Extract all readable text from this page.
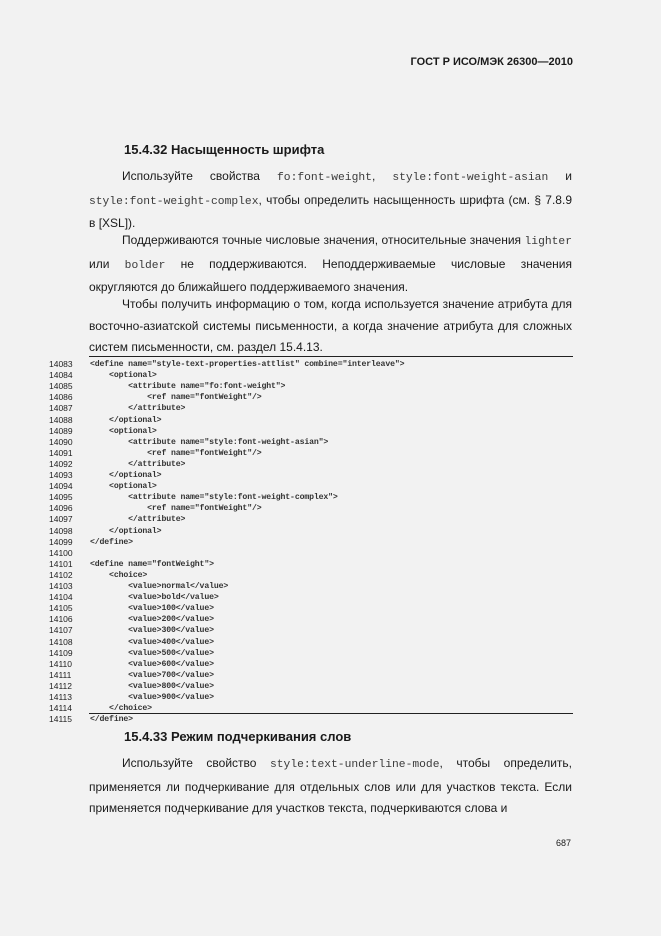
ГОСТ Р ИСО/МЭК 26300—2010
15.4.32 Насыщенность шрифта

Используйте свойства fo:font-weight, style:font-weight-asian и style:font-weight-complex, чтобы определить насыщенность шрифта (см. § 7.8.9 в [XSL]).

Поддерживаются точные числовые значения, относительные значения lighter или bolder не поддерживаются. Неподдерживаемые числовые значения округляются до ближайшего поддерживаемого значения.

Чтобы получить информацию о том, когда используется значение атрибута для восточно-азиатской системы письменности, а когда значение атрибута для сложных систем письменности, см. раздел 15.4.13.

14083	<define name="style-text-properties-attlist" combine="interleave">
14084	<optional>
14085	<attribute name="fo:font-weight">
14086	<ref name="fontWeight"/>
14087	</attribute>
14088	</optional>
14089	<optional>
14090	<attribute name="style:font-weight-asian">
14091	<ref name="fontWeight"/>
14092	</attribute>
14093	</optional>
14094	<optional>
14095	<attribute name="style:font-weight-complex">
14096	<ref name="fontWeight"/>
14097	</attribute>
14098	</optional>
14099	</define>
14100
14101	<define name="fontWeight">
14102	<choice>
14103	<value>normal</value>
14104	<value>bold</value>
14105	<value>100</value>
14106	<value>200</value>
14107	<value>300</value>
14108	<value>400</value>
14109	<value>500</value>
14110	<value>600</value>
14111	<value>700</value>
14112	<value>800</value>
14113	<value>900</value>
14114	</choice>
14115	</define>
15.4.33 Режим подчеркивания слов

Используйте свойство style:text-underline-mode, чтобы определить, применяется ли подчеркивание для отдельных слов или для участков текста. Если применяется подчеркивание для участков текста, подчеркиваются слова и

687
